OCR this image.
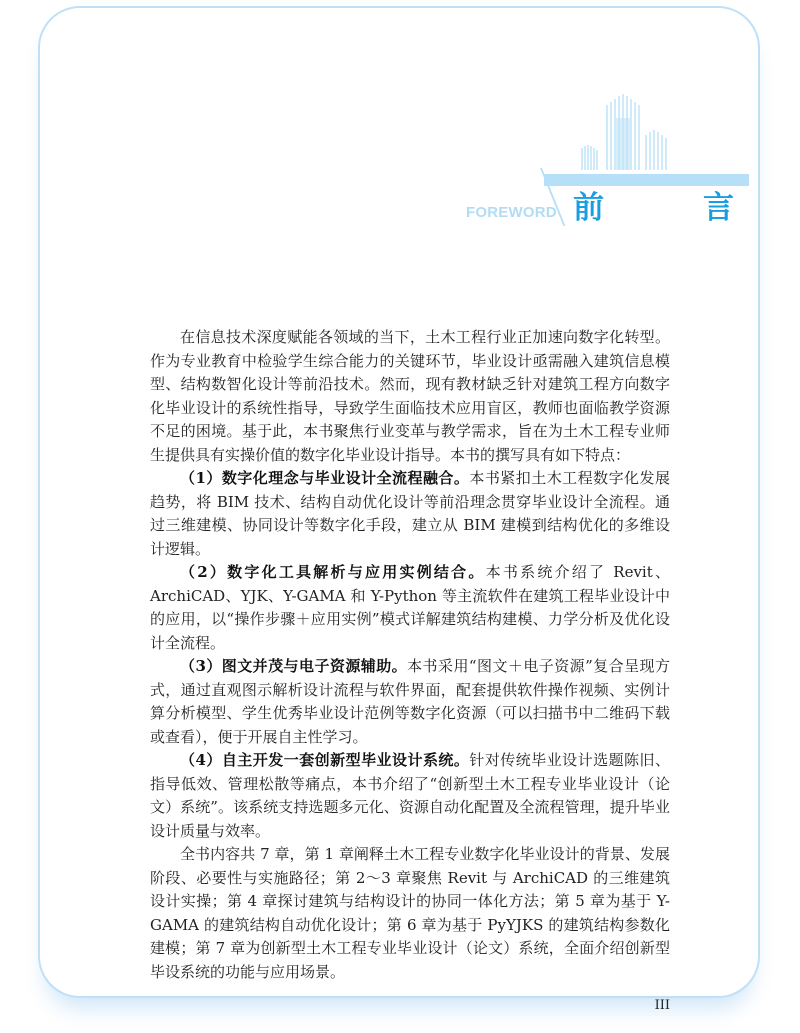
FOREWORD 前　言

在信息技术深度赋能各领域的当下，土木工程行业正加速向数字化转型。作为专业教育中检验学生综合能力的关键环节，毕业设计亟需融入建筑信息模型、结构数智化设计等前沿技术。然而，现有教材缺乏针对建筑工程方向数字化毕业设计的系统性指导，导致学生面临技术应用盲区，教师也面临教学资源不足的困境。基于此，本书聚焦行业变革与教学需求，旨在为土木工程专业师生提供具有实操价值的数字化毕业设计指导。本书的撰写具有如下特点：

（1）数字化理念与毕业设计全流程融合。本书紧扣土木工程数字化发展趋势，将 BIM 技术、结构自动优化设计等前沿理念贯穿毕业设计全流程。通过三维建模、协同设计等数字化手段，建立从 BIM 建模到结构优化的多维设计逻辑。

（2）数字化工具解析与应用实例结合。本书系统介绍了 Revit、ArchiCAD、YJK、Y-GAMA 和 Y-Python 等主流软件在建筑工程毕业设计中的应用，以“操作步骤＋应用实例”模式详解建筑结构建模、力学分析及优化设计全流程。

（3）图文并茂与电子资源辅助。本书采用“图文＋电子资源”复合呈现方式，通过直观图示解析设计流程与软件界面，配套提供软件操作视频、实例计算分析模型、学生优秀毕业设计范例等数字化资源（可以扫描书中二维码下载或查看），便于开展自主性学习。

（4）自主开发一套创新型毕业设计系统。针对传统毕业设计选题陈旧、指导低效、管理松散等痛点，本书介绍了“创新型土木工程专业毕业设计（论文）系统”。该系统支持选题多元化、资源自动化配置及全流程管理，提升毕业设计质量与效率。

全书内容共 7 章，第 1 章阐释土木工程专业数字化毕业设计的背景、发展阶段、必要性与实施路径；第 2～3 章聚焦 Revit 与 ArchiCAD 的三维建筑设计实操；第 4 章探讨建筑与结构设计的协同一体化方法；第 5 章为基于 Y-GAMA 的建筑结构自动优化设计；第 6 章为基于 PyYJKS 的建筑结构参数化建模；第 7 章为创新型土木工程专业毕业设计（论文）系统，全面介绍创新型毕设系统的功能与应用场景。

III
